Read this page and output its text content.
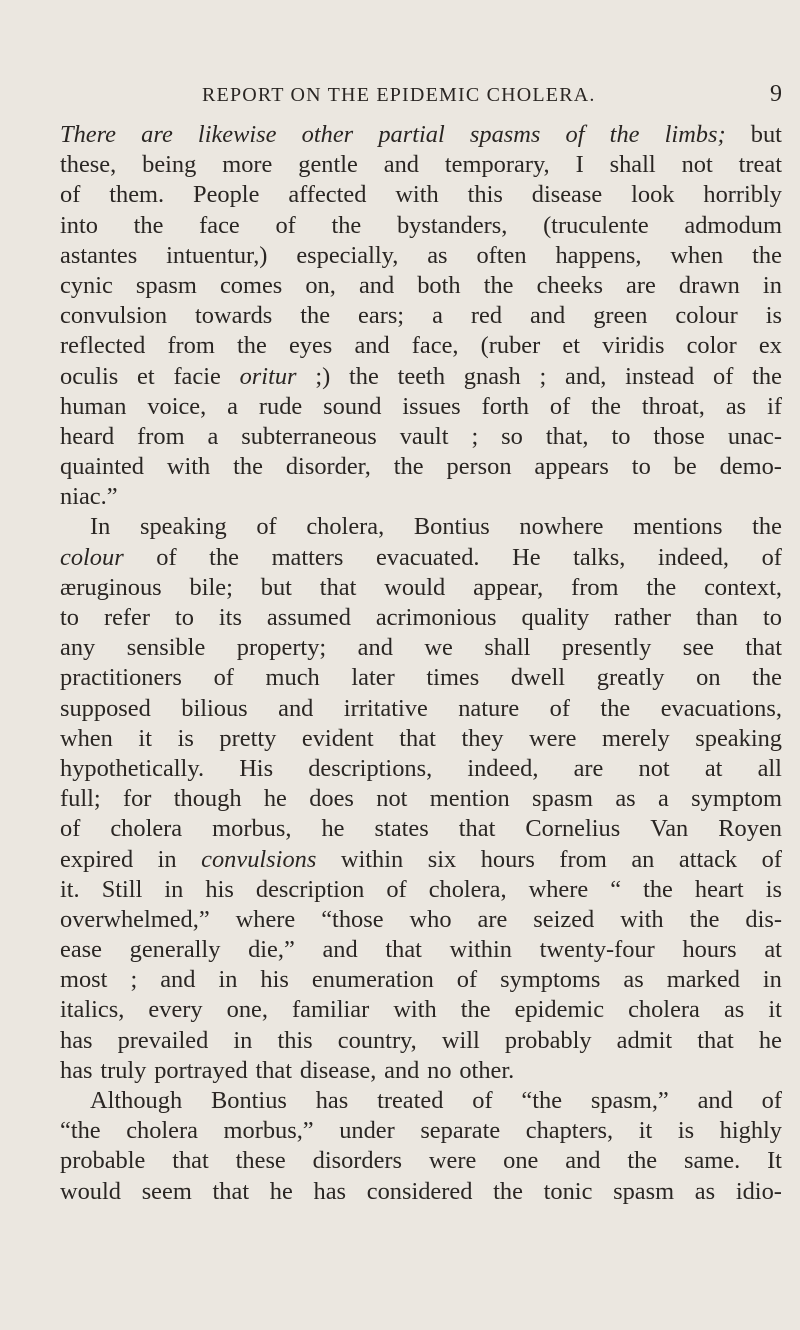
REPORT ON THE EPIDEMIC CHOLERA.	9
There are likewise other partial spasms of the limbs; but
these, being more gentle and temporary, I shall not treat
of them. People affected with this disease look horribly
into the face of the bystanders, (truculente admodum
astantes intuentur,) especially, as often happens, when the
cynic spasm comes on, and both the cheeks are drawn in
convulsion towards the ears; a red and green colour is
reflected from the eyes and face, (ruber et viridis color ex
oculis et facie oritur ;) the teeth gnash ; and, instead of the
human voice, a rude sound issues forth of the throat, as if
heard from a subterraneous vault ; so that, to those unac-
quainted with the disorder, the person appears to be demo-
niac.”
In speaking of cholera, Bontius nowhere mentions the
colour of the matters evacuated. He talks, indeed, of
æruginous bile; but that would appear, from the context,
to refer to its assumed acrimonious quality rather than to
any sensible property; and we shall presently see that
practitioners of much later times dwell greatly on the
supposed bilious and irritative nature of the evacuations,
when it is pretty evident that they were merely speaking
hypothetically. His descriptions, indeed, are not at all
full; for though he does not mention spasm as a symptom
of cholera morbus, he states that Cornelius Van Royen
expired in convulsions within six hours from an attack of
it. Still in his description of cholera, where “ the heart is
overwhelmed,” where “those who are seized with the dis-
ease generally die,” and that within twenty-four hours at
most ; and in his enumeration of symptoms as marked in
italics, every one, familiar with the epidemic cholera as it
has prevailed in this country, will probably admit that he
has truly portrayed that disease, and no other.
Although Bontius has treated of “the spasm,” and of
“the cholera morbus,” under separate chapters, it is highly
probable that these disorders were one and the same. It
would seem that he has considered the tonic spasm as idio-
